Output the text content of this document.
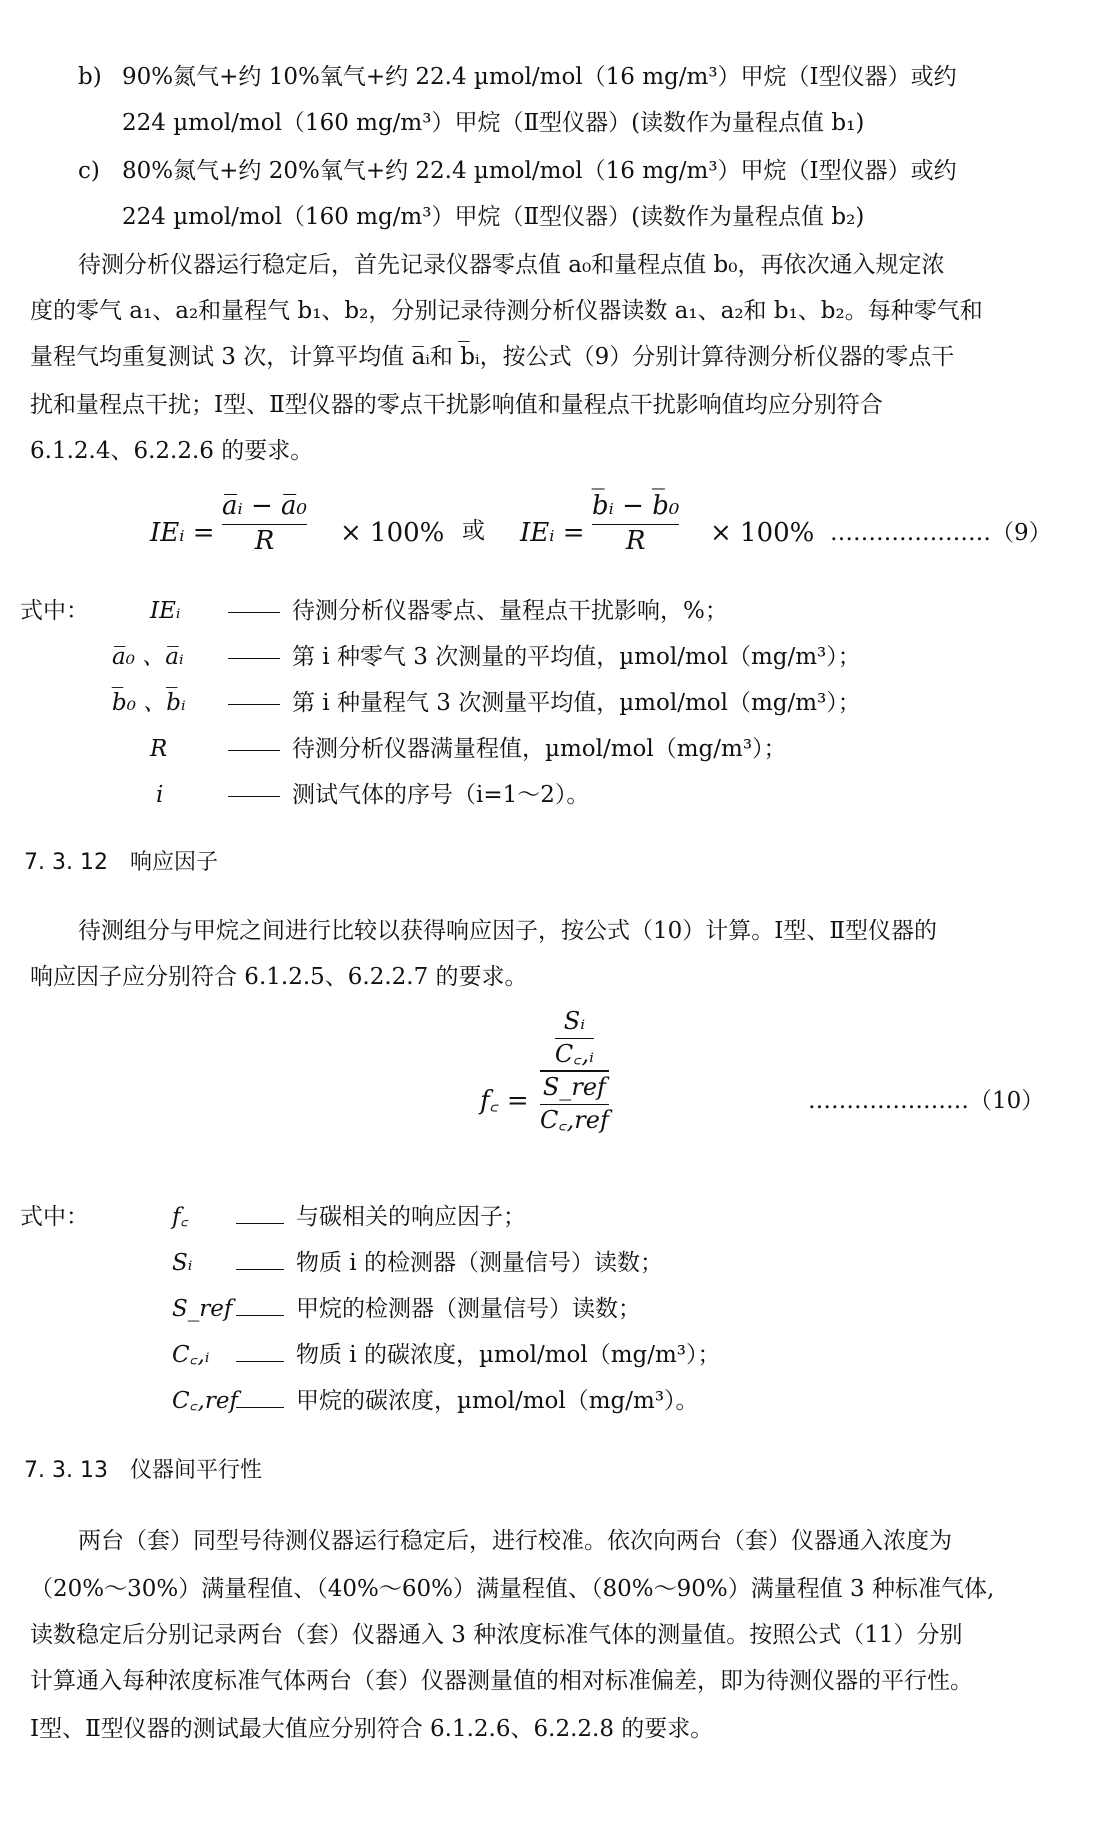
b) 90%氮气+约 10%氧气+约 22.4 µmol/mol（16 mg/m³）甲烷（Ⅰ型仪器）或约
224 µmol/mol（160 mg/m³）甲烷（Ⅱ型仪器）(读数作为量程点值 b₁)
c) 80%氮气+约 20%氧气+约 22.4 µmol/mol（16 mg/m³）甲烷（Ⅰ型仪器）或约
224 µmol/mol（160 mg/m³）甲烷（Ⅱ型仪器）(读数作为量程点值 b₂)
待测分析仪器运行稳定后，首先记录仪器零点值 a₀和量程点值 b₀，再依次通入规定浓
度的零气 a₁、a₂和量程气 b₁、b₂，分别记录待测分析仪器读数 a₁、a₂和 b₁、b₂。每种零气和
量程气均重复测试 3 次，计算平均值 a̅ᵢ和 b̅ᵢ，按公式（9）分别计算待测分析仪器的零点干
扰和量程点干扰；Ⅰ型、Ⅱ型仪器的零点干扰影响值和量程点干扰影响值均应分别符合
6.1.2.4、6.2.2.6 的要求。
IEᵢ =
a̅ᵢ − a̅₀
R	× 100% 或 IEᵢ =
b̅ᵢ − b̅₀
R × 100% …………………（9）
式中：	IEᵢ	待测分析仪器零点、量程点干扰影响，%；
a̅₀ 、a̅ᵢ	第 i 种零气 3 次测量的平均值，µmol/mol（mg/m³）；
b̅₀ 、b̅ᵢ	第 i 种量程气 3 次测量平均值，µmol/mol（mg/m³）；
R	待测分析仪器满量程值，µmol/mol（mg/m³）；
i	测试气体的序号（i=1～2）。
7. 3. 12 响应因子
待测组分与甲烷之间进行比较以获得响应因子，按公式（10）计算。Ⅰ型、Ⅱ型仪器的
响应因子应分别符合 6.1.2.5、6.2.2.7 的要求。
f꜀ =
$\frac{\text{Sᵢ}}{\text{C꜀,ᵢ}}$
$\frac{\text{S\_ref}}{\text{C꜀,ref}}$	…………………（10）
式中：	f꜀	与碳相关的响应因子；
Sᵢ	物质 i 的检测器（测量信号）读数；
S_ref	甲烷的检测器（测量信号）读数；
C꜀,ᵢ	物质 i 的碳浓度，µmol/mol（mg/m³）；
C꜀,ref	甲烷的碳浓度，µmol/mol（mg/m³）。
7. 3. 13 仪器间平行性
两台（套）同型号待测仪器运行稳定后，进行校准。依次向两台（套）仪器通入浓度为
（20%～30%）满量程值、（40%～60%）满量程值、（80%～90%）满量程值 3 种标准气体,
读数稳定后分别记录两台（套）仪器通入 3 种浓度标准气体的测量值。按照公式（11）分别
计算通入每种浓度标准气体两台（套）仪器测量值的相对标准偏差，即为待测仪器的平行性。
Ⅰ型、Ⅱ型仪器的测试最大值应分别符合 6.1.2.6、6.2.2.8 的要求。
